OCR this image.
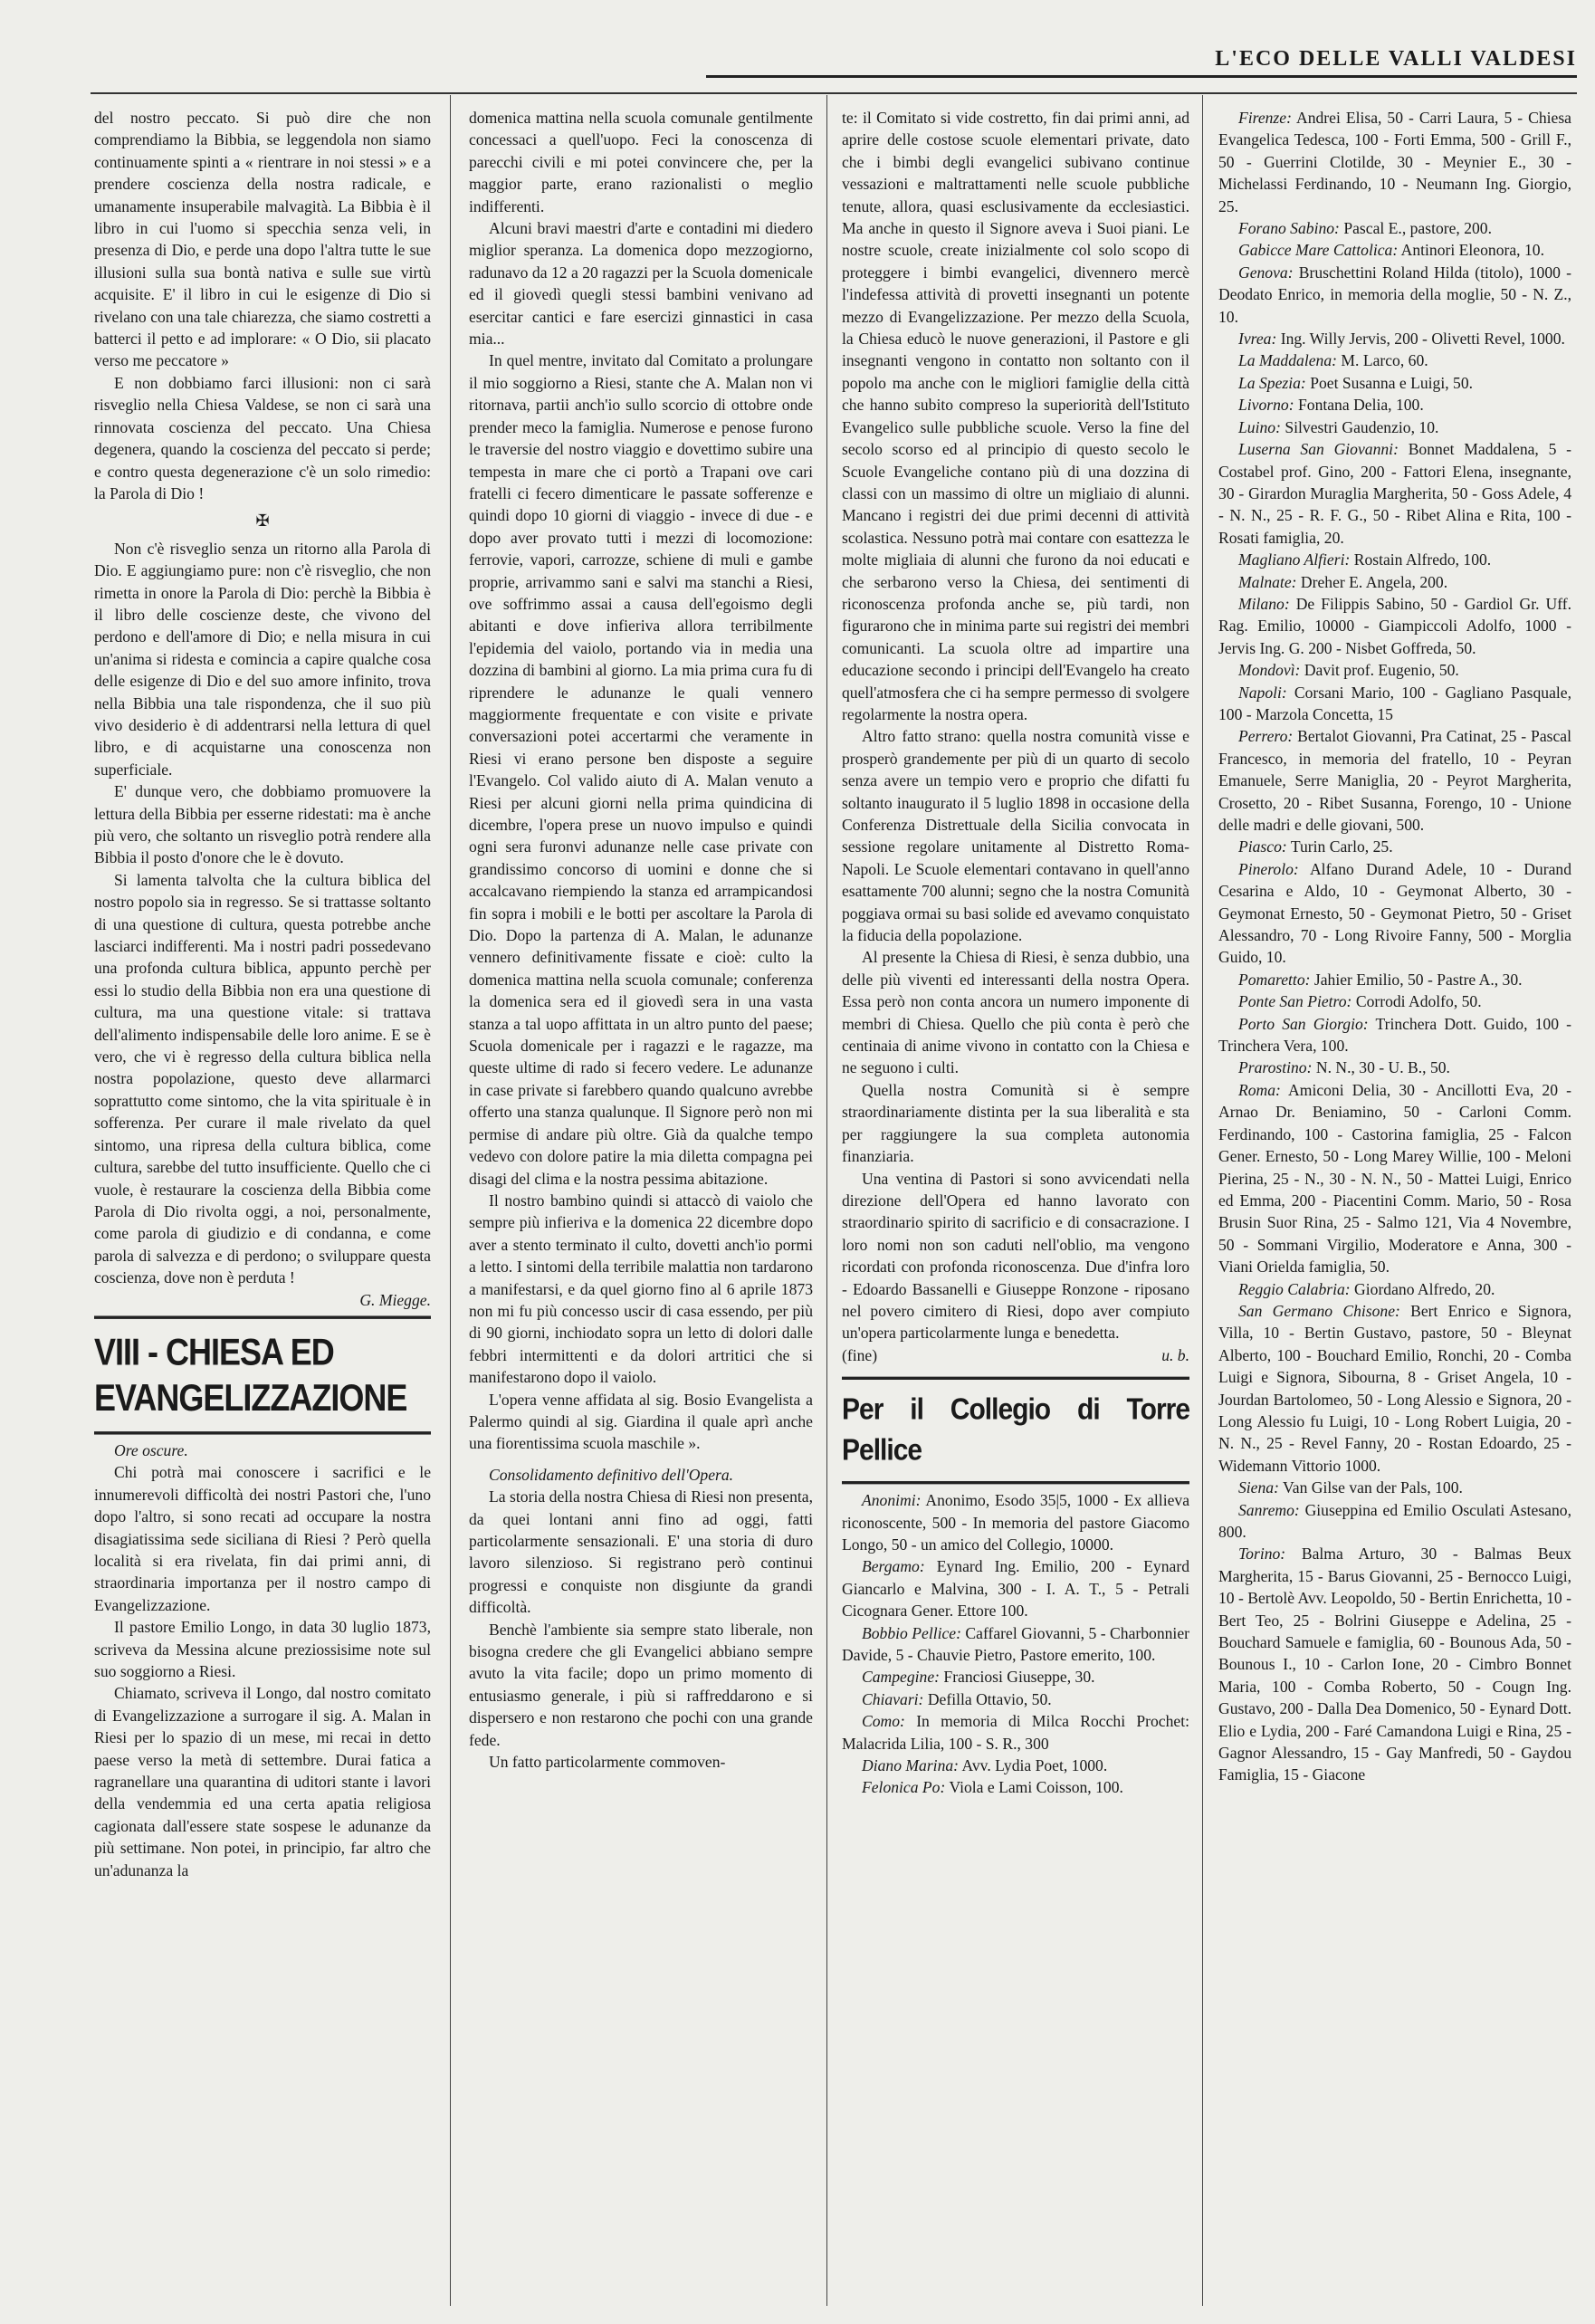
L'ECO DELLE VALLI VALDESI

del nostro peccato. Si può dire che non comprendiamo la Bibbia, se leggendola non siamo continuamente spinti a « rientrare in noi stessi » e a prendere coscienza della nostra radicale, e umanamente insuperabile malvagità. La Bibbia è il libro in cui l'uomo si specchia senza veli, in presenza di Dio, e perde una dopo l'altra tutte le sue illusioni sulla sua bontà nativa e sulle sue virtù acquisite. E' il libro in cui le esigenze di Dio si rivelano con una tale chiarezza, che siamo costretti a batterci il petto e ad implorare: « O Dio, sii placato verso me peccatore »

E non dobbiamo farci illusioni: non ci sarà risveglio nella Chiesa Valdese, se non ci sarà una rinnovata coscienza del peccato. Una Chiesa degenera, quando la coscienza del peccato si perde; e contro questa degenerazione c'è un solo rimedio: la Parola di Dio !

✠

Non c'è risveglio senza un ritorno alla Parola di Dio. E aggiungiamo pure: non c'è risveglio, che non rimetta in onore la Parola di Dio: perchè la Bibbia è il libro delle coscienze deste, che vivono del perdono e dell'amore di Dio; e nella misura in cui un'anima si ridesta e comincia a capire qualche cosa delle esigenze di Dio e del suo amore infinito, trova nella Bibbia una tale rispondenza, che il suo più vivo desiderio è di addentrarsi nella lettura di quel libro, e di acquistarne una conoscenza non superficiale.

E' dunque vero, che dobbiamo promuovere la lettura della Bibbia per esserne ridestati: ma è anche più vero, che soltanto un risveglio potrà rendere alla Bibbia il posto d'onore che le è dovuto.

Si lamenta talvolta che la cultura biblica del nostro popolo sia in regresso. Se si trattasse soltanto di una questione di cultura, questa potrebbe anche lasciarci indifferenti. Ma i nostri padri possedevano una profonda cultura biblica, appunto perchè per essi lo studio della Bibbia non era una questione di cultura, ma una questione vitale: si trattava dell'alimento indispensabile delle loro anime. E se è vero, che vi è regresso della cultura biblica nella nostra popolazione, questo deve allarmarci soprattutto come sintomo, che la vita spirituale è in sofferenza. Per curare il male rivelato da quel sintomo, una ripresa della cultura biblica, come cultura, sarebbe del tutto insufficiente. Quello che ci vuole, è restaurare la coscienza della Bibbia come Parola di Dio rivolta oggi, a noi, personalmente, come parola di giudizio e di condanna, e come parola di salvezza e di perdono; o sviluppare questa coscienza, dove non è perduta !

G. Miegge.

VIII - CHIESA ED EVANGELIZZAZIONE

Ore oscure.

Chi potrà mai conoscere i sacrifici e le innumerevoli difficoltà dei nostri Pastori che, l'uno dopo l'altro, si sono recati ad occupare la nostra disagiatissima sede siciliana di Riesi ? Però quella località si era rivelata, fin dai primi anni, di straordinaria importanza per il nostro campo di Evangelizzazione.

Il pastore Emilio Longo, in data 30 luglio 1873, scriveva da Messina alcune preziossisime note sul suo soggiorno a Riesi.

Chiamato, scriveva il Longo, dal nostro comitato di Evangelizzazione a surrogare il sig. A. Malan in Riesi per lo spazio di un mese, mi recai in detto paese verso la metà di settembre. Durai fatica a ragranellare una quarantina di uditori stante i lavori della vendemmia ed una certa apatia religiosa cagionata dall'essere state sospese le adunanze da più settimane. Non potei, in principio, far altro che un'adunanza la

domenica mattina nella scuola comunale gentilmente concessaci a quell'uopo. Feci la conoscenza di parecchi civili e mi potei convincere che, per la maggior parte, erano razionalisti o meglio indifferenti.

Alcuni bravi maestri d'arte e contadini mi diedero miglior speranza. La domenica dopo mezzogiorno, radunavo da 12 a 20 ragazzi per la Scuola domenicale ed il giovedì quegli stessi bambini venivano ad esercitar cantici e fare esercizi ginnastici in casa mia...

In quel mentre, invitato dal Comitato a prolungare il mio soggiorno a Riesi, stante che A. Malan non vi ritornava, partii anch'io sullo scorcio di ottobre onde prender meco la famiglia. Numerose e penose furono le traversie del nostro viaggio e dovettimo subire una tempesta in mare che ci portò a Trapani ove cari fratelli ci fecero dimenticare le passate sofferenze e quindi dopo 10 giorni di viaggio - invece di due - e dopo aver provato tutti i mezzi di locomozione: ferrovie, vapori, carrozze, schiene di muli e gambe proprie, arrivammo sani e salvi ma stanchi a Riesi, ove soffrimmo assai a causa dell'egoismo degli abitanti e dove infieriva allora terribilmente l'epidemia del vaiolo, portando via in media una dozzina di bambini al giorno. La mia prima cura fu di riprendere le adunanze le quali vennero maggiormente frequentate e con visite e private conversazioni potei accertarmi che veramente in Riesi vi erano persone ben disposte a seguire l'Evangelo. Col valido aiuto di A. Malan venuto a Riesi per alcuni giorni nella prima quindicina di dicembre, l'opera prese un nuovo impulso e quindi ogni sera furonvi adunanze nelle case private con grandissimo concorso di uomini e donne che si accalcavano riempiendo la stanza ed arrampicandosi fin sopra i mobili e le botti per ascoltare la Parola di Dio. Dopo la partenza di A. Malan, le adunanze vennero definitivamente fissate e cioè: culto la domenica mattina nella scuola comunale; conferenza la domenica sera ed il giovedì sera in una vasta stanza a tal uopo affittata in un altro punto del paese; Scuola domenicale per i ragazzi e le ragazze, ma queste ultime di rado si fecero vedere. Le adunanze in case private si farebbero quando qualcuno avrebbe offerto una stanza qualunque. Il Signore però non mi permise di andare più oltre. Già da qualche tempo vedevo con dolore patire la mia diletta compagna pei disagi del clima e la nostra pessima abitazione.

Il nostro bambino quindi si attaccò di vaiolo che sempre più infieriva e la domenica 22 dicembre dopo aver a stento terminato il culto, dovetti anch'io pormi a letto. I sintomi della terribile malattia non tardarono a manifestarsi, e da quel giorno fino al 6 aprile 1873 non mi fu più concesso uscir di casa essendo, per più di 90 giorni, inchiodato sopra un letto di dolori dalle febbri intermittenti e da dolori artritici che si manifestarono dopo il vaiolo.

L'opera venne affidata al sig. Bosio Evangelista a Palermo quindi al sig. Giardina il quale aprì anche una fiorentissima scuola maschile ».

Consolidamento definitivo dell'Opera.

La storia della nostra Chiesa di Riesi non presenta, da quei lontani anni fino ad oggi, fatti particolarmente sensazionali. E' una storia di duro lavoro silenzioso. Si registrano però continui progressi e conquiste non disgiunte da grandi difficoltà.

Benchè l'ambiente sia sempre stato liberale, non bisogna credere che gli Evangelici abbiano sempre avuto la vita facile; dopo un primo momento di entusiasmo generale, i più si raffreddarono e si dispersero e non restarono che pochi con una grande fede.

Un fatto particolarmente commoven-

te: il Comitato si vide costretto, fin dai primi anni, ad aprire delle costose scuole elementari private, dato che i bimbi degli evangelici subivano continue vessazioni e maltrattamenti nelle scuole pubbliche tenute, allora, quasi esclusivamente da ecclesiastici. Ma anche in questo il Signore aveva i Suoi piani. Le nostre scuole, create inizialmente col solo scopo di proteggere i bimbi evangelici, divennero mercè l'indefessa attività di provetti insegnanti un potente mezzo di Evangelizzazione. Per mezzo della Scuola, la Chiesa educò le nuove generazioni, il Pastore e gli insegnanti vengono in contatto non soltanto con il popolo ma anche con le migliori famiglie della città che hanno subito compreso la superiorità dell'Istituto Evangelico sulle pubbliche scuole. Verso la fine del secolo scorso ed al principio di questo secolo le Scuole Evangeliche contano più di una dozzina di classi con un massimo di oltre un migliaio di alunni. Mancano i registri dei due primi decenni di attività scolastica. Nessuno potrà mai contare con esattezza le molte migliaia di alunni che furono da noi educati e che serbarono verso la Chiesa, dei sentimenti di riconoscenza profonda anche se, più tardi, non figurarono che in minima parte sui registri dei membri comunicanti. La scuola oltre ad impartire una educazione secondo i principi dell'Evangelo ha creato quell'atmosfera che ci ha sempre permesso di svolgere regolarmente la nostra opera.

Altro fatto strano: quella nostra comunità visse e prosperò grandemente per più di un quarto di secolo senza avere un tempio vero e proprio che difatti fu soltanto inaugurato il 5 luglio 1898 in occasione della Conferenza Distrettuale della Sicilia convocata in sessione regolare unitamente al Distretto Roma-Napoli. Le Scuole elementari contavano in quell'anno esattamente 700 alunni; segno che la nostra Comunità poggiava ormai su basi solide ed avevamo conquistato la fiducia della popolazione.

Al presente la Chiesa di Riesi, è senza dubbio, una delle più viventi ed interessanti della nostra Opera. Essa però non conta ancora un numero imponente di membri di Chiesa. Quello che più conta è però che centinaia di anime vivono in contatto con la Chiesa e ne seguono i culti.

Quella nostra Comunità si è sempre straordinariamente distinta per la sua liberalità e sta per raggiungere la sua completa autonomia finanziaria.

Una ventina di Pastori si sono avvicendati nella direzione dell'Opera ed hanno lavorato con straordinario spirito di sacrificio e di consacrazione. I loro nomi non son caduti nell'oblio, ma vengono ricordati con profonda riconoscenza. Due d'infra loro - Edoardo Bassanelli e Giuseppe Ronzone - riposano nel povero cimitero di Riesi, dopo aver compiuto un'opera particolarmente lunga e benedetta.

(fine)	u. b.
Per il Collegio di Torre Pellice

Anonimi: Anonimo, Esodo 35|5, 1000 - Ex allieva riconoscente, 500 - In memoria del pastore Giacomo Longo, 50 - un amico del Collegio, 10000.

Bergamo: Eynard Ing. Emilio, 200 - Eynard Giancarlo e Malvina, 300 - I. A. T., 5 - Petrali Cicognara Gener. Ettore 100.

Bobbio Pellice: Caffarel Giovanni, 5 - Charbonnier Davide, 5 - Chauvie Pietro, Pastore emerito, 100.

Campegine: Franciosi Giuseppe, 30.

Chiavari: Defilla Ottavio, 50.

Como: In memoria di Milca Rocchi Prochet: Malacrida Lilia, 100 - S. R., 300

Diano Marina: Avv. Lydia Poet, 1000.

Felonica Po: Viola e Lami Coisson, 100.

Firenze: Andrei Elisa, 50 - Carri Laura, 5 - Chiesa Evangelica Tedesca, 100 - Forti Emma, 500 - Grill F., 50 - Guerrini Clotilde, 30 - Meynier E., 30 - Michelassi Ferdinando, 10 - Neumann Ing. Giorgio, 25.

Forano Sabino: Pascal E., pastore, 200.

Gabicce Mare Cattolica: Antinori Eleonora, 10.

Genova: Bruschettini Roland Hilda (titolo), 1000 - Deodato Enrico, in memoria della moglie, 50 - N. Z., 10.

Ivrea: Ing. Willy Jervis, 200 - Olivetti Revel, 1000.

La Maddalena: M. Larco, 60.

La Spezia: Poet Susanna e Luigi, 50.

Livorno: Fontana Delia, 100.

Luino: Silvestri Gaudenzio, 10.

Luserna San Giovanni: Bonnet Maddalena, 5 - Costabel prof. Gino, 200 - Fattori Elena, insegnante, 30 - Girardon Muraglia Margherita, 50 - Goss Adele, 4 - N. N., 25 - R. F. G., 50 - Ribet Alina e Rita, 100 - Rosati famiglia, 20.

Magliano Alfieri: Rostain Alfredo, 100.

Malnate: Dreher E. Angela, 200.

Milano: De Filippis Sabino, 50 - Gardiol Gr. Uff. Rag. Emilio, 10000 - Giampiccoli Adolfo, 1000 - Jervis Ing. G. 200 - Nisbet Goffreda, 50.

Mondovì: Davit prof. Eugenio, 50.

Napoli: Corsani Mario, 100 - Gagliano Pasquale, 100 - Marzola Concetta, 15

Perrero: Bertalot Giovanni, Pra Catinat, 25 - Pascal Francesco, in memoria del fratello, 10 - Peyran Emanuele, Serre Maniglia, 20 - Peyrot Margherita, Crosetto, 20 - Ribet Susanna, Forengo, 10 - Unione delle madri e delle giovani, 500.

Piasco: Turin Carlo, 25.

Pinerolo: Alfano Durand Adele, 10 - Durand Cesarina e Aldo, 10 - Geymonat Alberto, 30 - Geymonat Ernesto, 50 - Geymonat Pietro, 50 - Griset Alessandro, 70 - Long Rivoire Fanny, 500 - Morglia Guido, 10.

Pomaretto: Jahier Emilio, 50 - Pastre A., 30.

Ponte San Pietro: Corrodi Adolfo, 50.

Porto San Giorgio: Trinchera Dott. Guido, 100 - Trinchera Vera, 100.

Prarostino: N. N., 30 - U. B., 50.

Roma: Amiconi Delia, 30 - Ancillotti Eva, 20 - Arnao Dr. Beniamino, 50 - Carloni Comm. Ferdinando, 100 - Castorina famiglia, 25 - Falcon Gener. Ernesto, 50 - Long Marey Willie, 100 - Meloni Pierina, 25 - N., 30 - N. N., 50 - Mattei Luigi, Enrico ed Emma, 200 - Piacentini Comm. Mario, 50 - Rosa Brusin Suor Rina, 25 - Salmo 121, Via 4 Novembre, 50 - Sommani Virgilio, Moderatore e Anna, 300 - Viani Orielda famiglia, 50.

Reggio Calabria: Giordano Alfredo, 20.

San Germano Chisone: Bert Enrico e Signora, Villa, 10 - Bertin Gustavo, pastore, 50 - Bleynat Alberto, 100 - Bouchard Emilio, Ronchi, 20 - Comba Luigi e Signora, Sibourna, 8 - Griset Angela, 10 - Jourdan Bartolomeo, 50 - Long Alessio e Signora, 20 - Long Alessio fu Luigi, 10 - Long Robert Luigia, 20 - N. N., 25 - Revel Fanny, 20 - Rostan Edoardo, 25 - Widemann Vittorio 1000.

Siena: Van Gilse van der Pals, 100.

Sanremo: Giuseppina ed Emilio Osculati Astesano, 800.

Torino: Balma Arturo, 30 - Balmas Beux Margherita, 15 - Barus Giovanni, 25 - Bernocco Luigi, 10 - Bertolè Avv. Leopoldo, 50 - Bertin Enrichetta, 10 - Bert Teo, 25 - Bolrini Giuseppe e Adelina, 25 - Bouchard Samuele e famiglia, 60 - Bounous Ada, 50 - Bounous I., 10 - Carlon Ione, 20 - Cimbro Bonnet Maria, 100 - Comba Roberto, 50 - Cougn Ing. Gustavo, 200 - Dalla Dea Domenico, 50 - Eynard Dott. Elio e Lydia, 200 - Faré Camandona Luigi e Rina, 25 - Gagnor Alessandro, 15 - Gay Manfredi, 50 - Gaydou Famiglia, 15 - Giacone
